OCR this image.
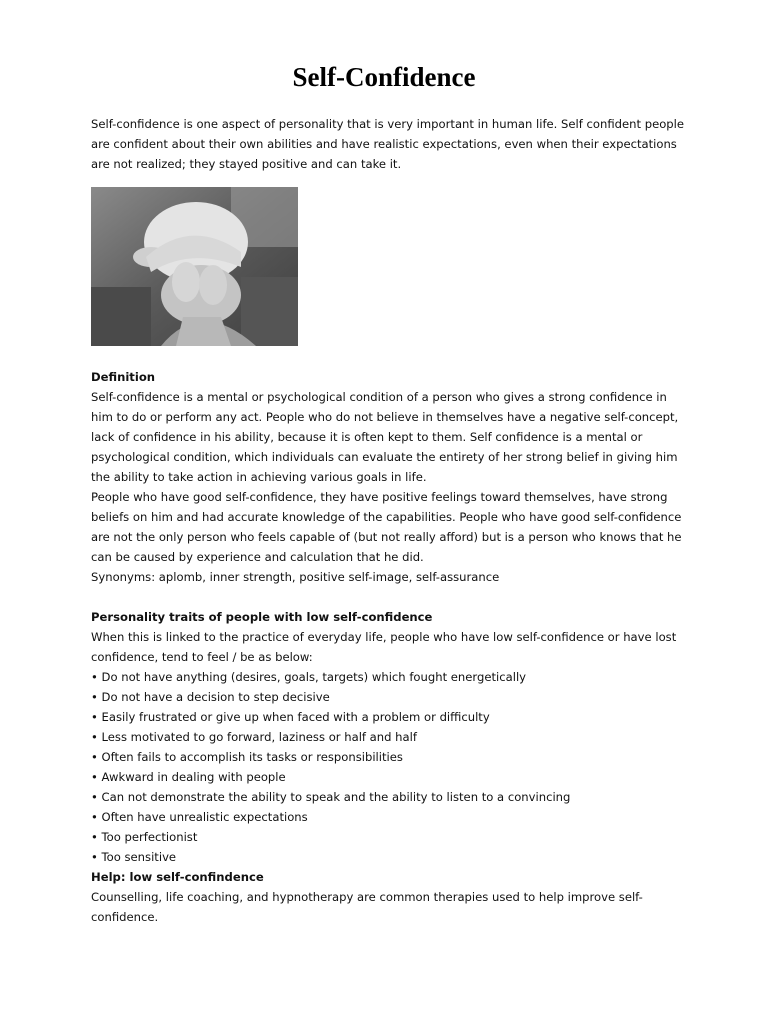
Self-Confidence

Self-confidence is one aspect of personality that is very important in human life. Self confident people are confident about their own abilities and have realistic expectations, even when their expectations are not realized; they stayed positive and can take it.

Definition

Self-confidence is a mental or psychological condition of a person who gives a strong confidence in him to do or perform any act. People who do not believe in themselves have a negative self-concept, lack of confidence in his ability, because it is often kept to them. Self confidence is a mental or psychological condition, which individuals can evaluate the entirety of her strong belief in giving him the ability to take action in achieving various goals in life.

People who have good self-confidence, they have positive feelings toward themselves, have strong beliefs on him and had accurate knowledge of the capabilities. People who have good self-confidence are not the only person who feels capable of (but not really afford) but is a person who knows that he can be caused by experience and calculation that he did.

Synonyms: aplomb, inner strength, positive self-image, self-assurance

Personality traits of people with low self-confidence

When this is linked to the practice of everyday life, people who have low self-confidence or have lost confidence, tend to feel / be as below:

• Do not have anything (desires, goals, targets) which fought energetically
• Do not have a decision to step decisive
• Easily frustrated or give up when faced with a problem or difficulty
• Less motivated to go forward, laziness or half and half
• Often fails to accomplish its tasks or responsibilities
• Awkward in dealing with people
• Can not demonstrate the ability to speak and the ability to listen to a convincing
• Often have unrealistic expectations
• Too perfectionist
• Too sensitive

Help: low self-confindence

Counselling, life coaching, and hypnotherapy are common therapies used to help improve self-confidence.
